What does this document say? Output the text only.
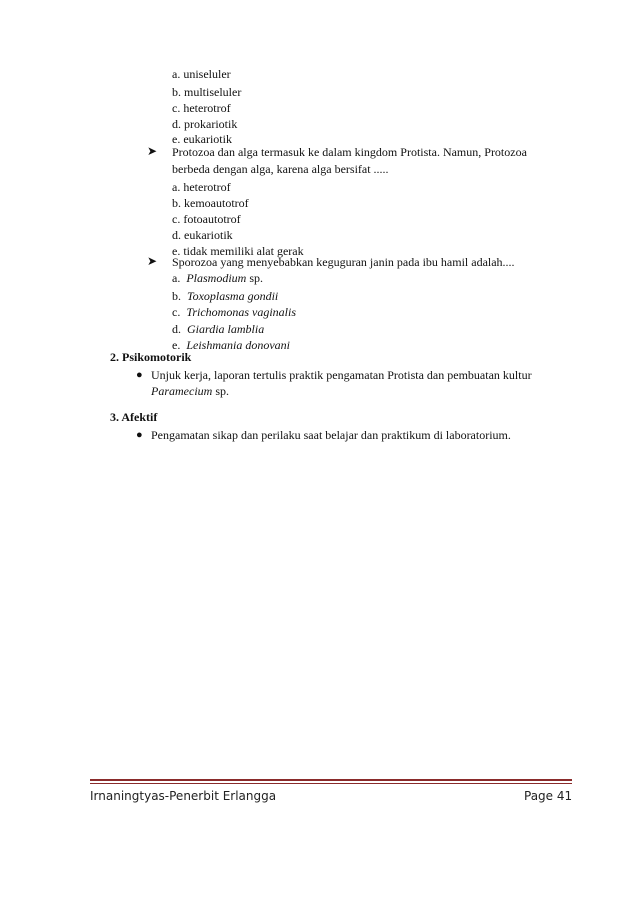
a. uniseluler
b. multiseluler
c. heterotrof
d. prokariotik
e. eukariotik
➤ Protozoa dan alga termasuk ke dalam kingdom Protista. Namun, Protozoa
berbeda dengan alga, karena alga bersifat .....
a. heterotrof
b. kemoautotrof
c. fotoautotrof
d. eukariotik
e. tidak memiliki alat gerak
➤ Sporozoa yang menyebabkan keguguran janin pada ibu hamil adalah....
a. Plasmodium sp.
b. Toxoplasma gondii
c. Trichomonas vaginalis
d. Giardia lamblia
e. Leishmania donovani
2. Psikomotorik
● Unjuk kerja, laporan tertulis praktik pengamatan Protista dan pembuatan kultur
Paramecium sp.
3. Afektif
● Pengamatan sikap dan perilaku saat belajar dan praktikum di laboratorium.
Irnaningtyas-Penerbit Erlangga	Page 41
